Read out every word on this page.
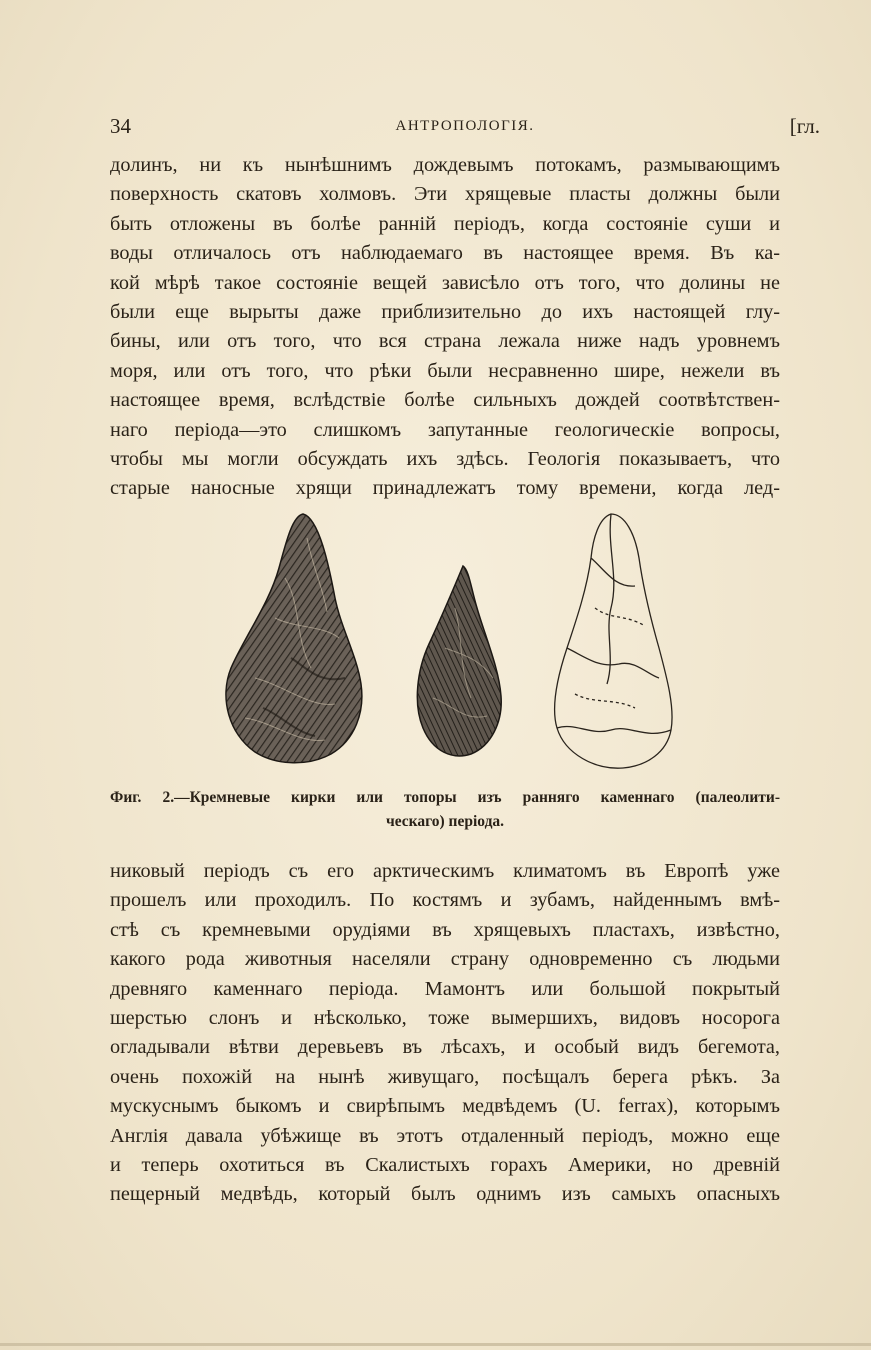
34	АНТРОПОЛОГІЯ.	[гл.

долинъ, ни къ нынѣшнимъ дождевымъ потокамъ, размывающимъ
поверхность скатовъ холмовъ. Эти хрящевые пласты должны были
быть отложены въ болѣе ранній періодъ, когда состояніе суши и
воды отличалось отъ наблюдаемаго въ настоящее время. Въ ка-
кой мѣрѣ такое состояніе вещей зависѣло отъ того, что долины не
были еще вырыты даже приблизительно до ихъ настоящей глу-
бины, или отъ того, что вся страна лежала ниже надъ уровнемъ
моря, или отъ того, что рѣки были несравненно шире, нежели въ
настоящее время, вслѣдствіе болѣе сильныхъ дождей соотвѣтствен-
наго періода—это слишкомъ запутанные геологическіе вопросы,
чтобы мы могли обсуждать ихъ здѣсь. Геологія показываетъ, что
старые наносные хрящи принадлежатъ тому времени, когда лед-

Фиг. 2.—Кремневые кирки или топоры изъ ранняго каменнаго (палеолити-
ческаго) періода.

никовый періодъ съ его арктическимъ климатомъ въ Европѣ уже
прошелъ или проходилъ. По костямъ и зубамъ, найденнымъ вмѣ-
стѣ съ кремневыми орудіями въ хрящевыхъ пластахъ, извѣстно,
какого рода животныя населяли страну одновременно съ людьми
древняго каменнаго періода. Мамонтъ или большой покрытый
шерстью слонъ и нѣсколько, тоже вымершихъ, видовъ носорога
огладывали вѣтви деревьевъ въ лѣсахъ, и особый видъ бегемота,
очень похожій на нынѣ живущаго, посѣщалъ берега рѣкъ. За
мускуснымъ быкомъ и свирѣпымъ медвѣдемъ (U. ferrax), которымъ
Англія давала убѣжище въ этотъ отдаленный періодъ, можно еще
и теперь охотиться въ Скалистыхъ горахъ Америки, но древній
пещерный медвѣдь, который былъ однимъ изъ самыхъ опасныхъ
